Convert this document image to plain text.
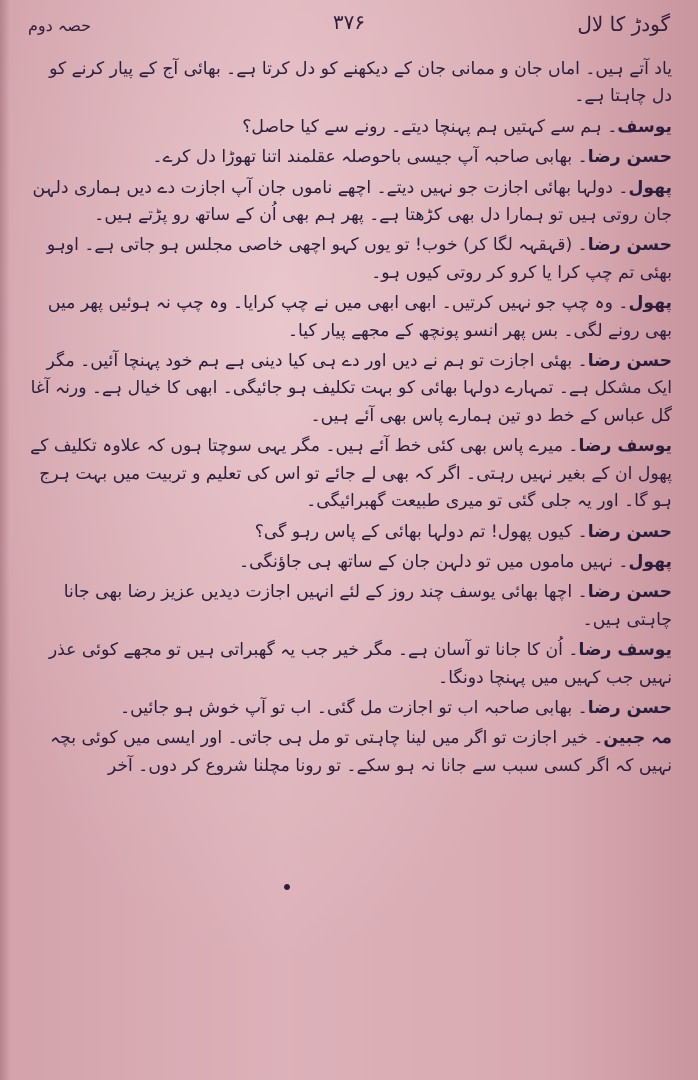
گودڑ کا لال
۳۷۶
حصہ دوم

یاد آتے ہیں۔ اماں جان و ممانی جان کے دیکھنے کو دل کرتا ہے۔ بھائی آج کے پیار کرنے کو دل چاہتا ہے۔

یوسف۔ ہم سے کہتیں ہم پہنچا دیتے۔ رونے سے کیا حاصل؟

حسن رضا۔ بھابی صاحبہ آپ جیسی باحوصلہ عقلمند اتنا تھوڑا دل کرے۔

پھول۔ دولہا بھائی اجازت جو نہیں دیتے۔ اچھے ناموں جان آپ اجازت دے دیں ہماری دلہن جان روتی ہیں تو ہمارا دل بھی کڑھتا ہے۔ پھر ہم بھی اُن کے ساتھ رو پڑتے ہیں۔

حسن رضا۔ (قہقہہ لگا کر) خوب! تو یوں کہو اچھی خاصی مجلس ہو جاتی ہے۔ اوہو بھئی تم چپ کرا یا کرو کر روتی کیوں ہو۔

پھول۔ وہ چپ جو نہیں کرتیں۔ ابھی ابھی میں نے چپ کرایا۔ وہ چپ نہ ہوئیں پھر میں بھی رونے لگی۔ بس پھر انسو پونچھ کے مجھے پیار کیا۔

حسن رضا۔ بھئی اجازت تو ہم نے دیں اور دے ہی کیا دینی ہے ہم خود پہنچا آئیں۔ مگر ایک مشکل ہے۔ تمہارے دولہا بھائی کو بہت تکلیف ہو جائیگی۔ ابھی کا خیال ہے۔ ورنہ آغا گل عباس کے خط دو تین ہمارے پاس بھی آئے ہیں۔

یوسف رضا۔ میرے پاس بھی کئی خط آئے ہیں۔ مگر یہی سوچتا ہوں کہ علاوہ تکلیف کے پھول ان کے بغیر نہیں رہتی۔ اگر کہ بھی لے جائے تو اس کی تعلیم و تربیت میں بہت ہرج ہو گا۔ اور یہ جلی گئی تو میری طبیعت گھبرائیگی۔

حسن رضا۔ کیوں پھول! تم دولہا بھائی کے پاس رہو گی؟

پھول۔ نہیں ماموں میں تو دلہن جان کے ساتھ ہی جاؤنگی۔

حسن رضا۔ اچھا بھائی یوسف چند روز کے لئے انہیں اجازت دیدیں عزیز رضا بھی جانا چاہتی ہیں۔

یوسف رضا۔ اُن کا جانا تو آسان ہے۔ مگر خیر جب یہ گھبراتی ہیں تو مجھے کوئی عذر نہیں جب کہیں میں پہنچا دونگا۔

حسن رضا۔ بھابی صاحبہ اب تو اجازت مل گئی۔ اب تو آپ خوش ہو جائیں۔

مہ جبین۔ خیر اجازت تو اگر میں لینا چاہتی تو مل ہی جاتی۔ اور ایسی میں کوئی بچہ نہیں کہ اگر کسی سبب سے جانا نہ ہو سکے۔ تو رونا مچلنا شروع کر دوں۔ آخر
